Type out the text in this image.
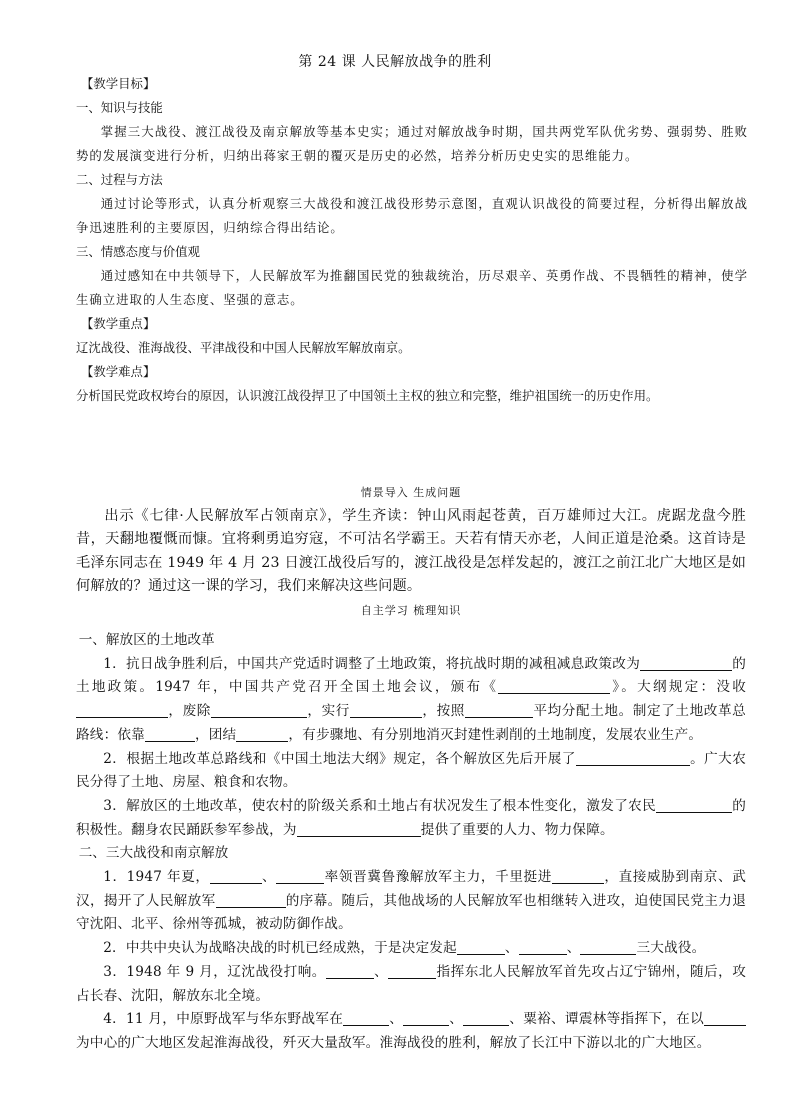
第 24 课 人民解放战争的胜利

【教学目标】

一、知识与技能

掌握三大战役、渡江战役及南京解放等基本史实；通过对解放战争时期，国共两党军队优劣势、强弱势、胜败势的发展演变进行分析，归纳出蒋家王朝的覆灭是历史的必然，培养分析历史史实的思维能力。

二、过程与方法

通过讨论等形式，认真分析观察三大战役和渡江战役形势示意图，直观认识战役的简要过程，分析得出解放战争迅速胜利的主要原因，归纳综合得出结论。

三、情感态度与价值观

通过感知在中共领导下，人民解放军为推翻国民党的独裁统治，历尽艰辛、英勇作战、不畏牺牲的精神，使学生确立进取的人生态度、坚强的意志。

【教学重点】

辽沈战役、淮海战役、平津战役和中国人民解放军解放南京。

【教学难点】

分析国民党政权垮台的原因，认识渡江战役捍卫了中国领土主权的独立和完整，维护祖国统一的历史作用。

情景导入 生成问题

出示《七律·人民解放军占领南京》，学生齐读：钟山风雨起苍黄，百万雄师过大江。虎踞龙盘今胜昔，天翻地覆慨而慷。宜将剩勇追穷寇，不可沽名学霸王。天若有情天亦老，人间正道是沧桑。这首诗是毛泽东同志在 1949 年 4 月 23 日渡江战役后写的，渡江战役是怎样发起的，渡江之前江北广大地区是如何解放的？通过这一课的学习，我们来解决这些问题。

自主学习 梳理知识

一、解放区的土地改革

1．抗日战争胜利后，中国共产党适时调整了土地政策，将抗战时期的减租减息政策改为	的土地政策。1947 年，中国共产党召开全国土地会议，颁布《	》。大纲规定：没收，废除	，实行	，按照	平均分配土地。制定了土地改革总路线：依靠	，团结	，有步骤地、有分别地消灭封建性剥削的土地制度，发展农业生产。

2．根据土地改革总路线和《中国土地法大纲》规定，各个解放区先后开展了	。广大农民分得了土地、房屋、粮食和农物。

3．解放区的土地改革，使农村的阶级关系和土地占有状况发生了根本性变化，激发了农民	的积极性。翻身农民踊跃参军参战，为	提供了重要的人力、物力保障。

二、三大战役和南京解放

1．1947 年夏，	、	率领晋冀鲁豫解放军主力，千里挺进	，直接威胁到南京、武汉，揭开了人民解放军	的序幕。随后，其他战场的人民解放军也相继转入进攻，迫使国民党主力退守沈阳、北平、徐州等孤城，被动防御作战。

2．中共中央认为战略决战的时机已经成熟，于是决定发起	、	、	三大战役。

3．1948 年 9 月，辽沈战役打响。	、	指挥东北人民解放军首先攻占辽宁锦州，随后，攻占长春、沈阳，解放东北全境。

4．11 月，中原野战军与华东野战军在	、	、	、粟裕、谭震林等指挥下，在以为中心的广大地区发起淮海战役，歼灭大量敌军。淮海战役的胜利，解放了长江中下游以北的广大地区。
